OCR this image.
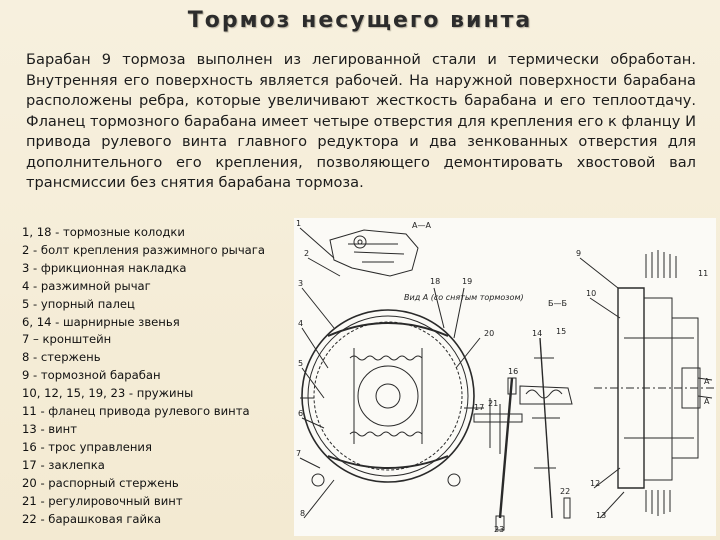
Тормоз несущего винта
Барабан 9 тормоза выполнен из легированной стали и термически обработан. Внутренняя его поверхность является рабочей. На наружной поверхности барабана расположены ребра, которые увеличивают жесткость барабана и его теплоотдачу. Фланец тормозного барабана имеет четыре отверстия для крепления его к фланцу И привода рулевого винта главного редуктора и два зенкованных отверстия для дополнительного его крепления, позволяющего демонтировать хвостовой вал трансмиссии без снятия барабана тормоза.
1, 18 - тормозные колодки
2 - болт крепления разжимного рычага
3 - фрикционная накладка
4 - разжимной рычаг
5 - упорный палец
6, 14 - шарнирные звенья
7 – кронштейн
8 - стержень
9 - тормозной барабан
10, 12, 15, 19, 23 - пружины
11 - фланец привода рулевого винта
13 - винт
16 - трос управления
17 - заклепка
20 - распорный стержень
21 - регулировочный винт
22 - барашковая гайка
А—А
Б—Б
Вид А (со снятым тормозом)
А
А
1
2
3
4
5
6
7
8
9
10
11
12
13
14 15
16
17
18	19
20
21
22
23
